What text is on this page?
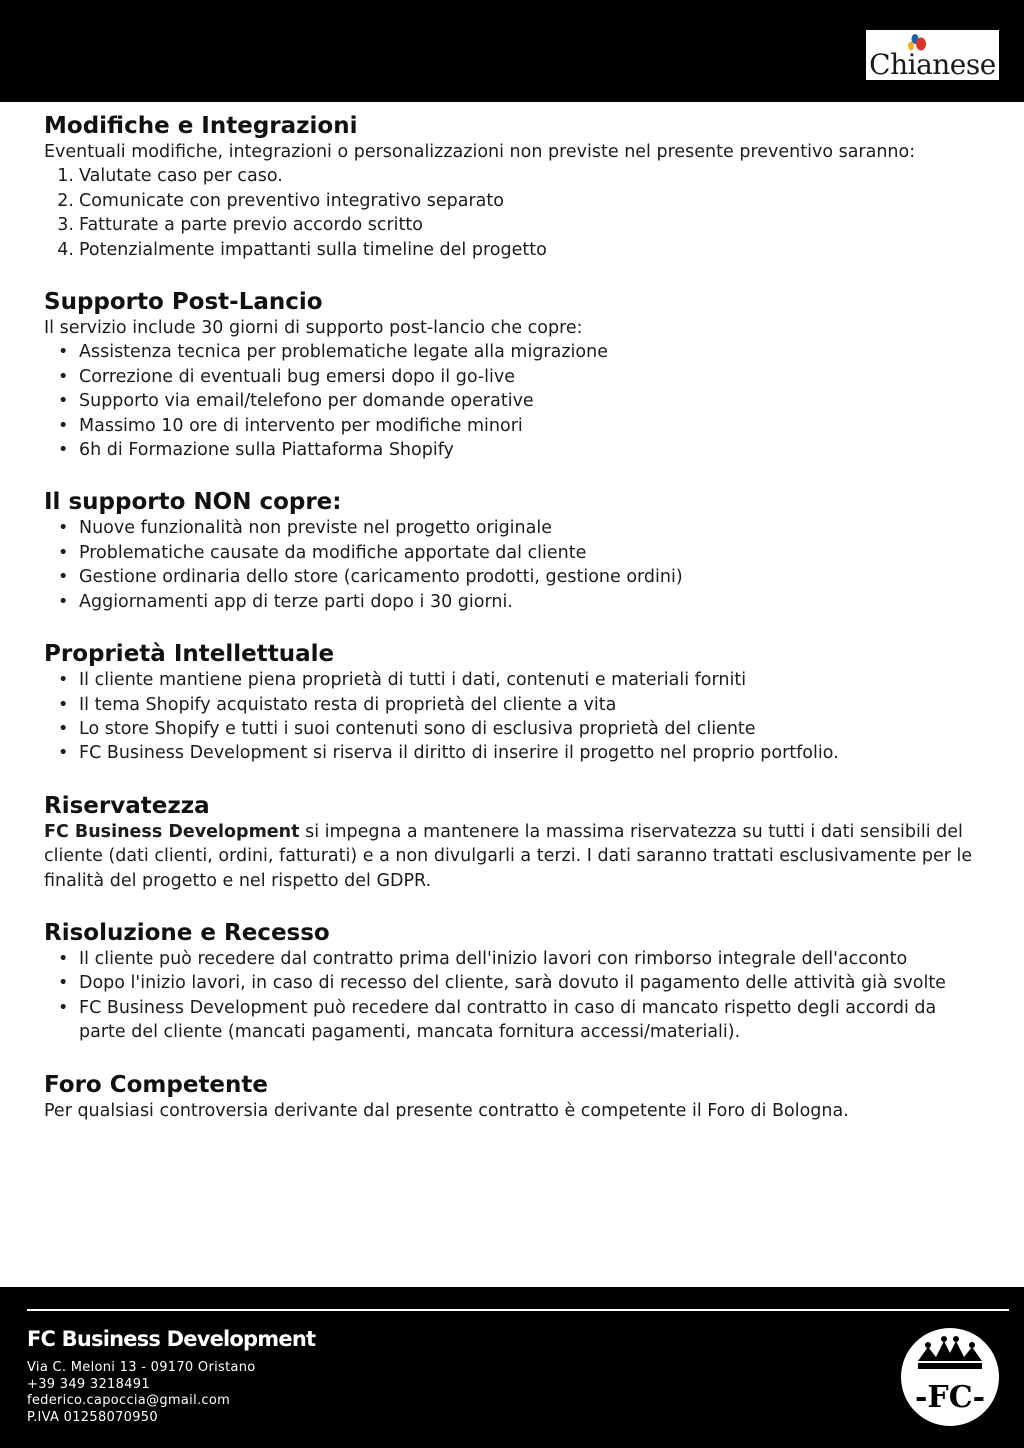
Chianese
Modifiche e Integrazioni

Eventuali modifiche, integrazioni o personalizzazioni non previste nel presente preventivo saranno:

1. Valutate caso per caso.
2. Comunicate con preventivo integrativo separato
3. Fatturate a parte previo accordo scritto
4. Potenzialmente impattanti sulla timeline del progetto
Supporto Post-Lancio

Il servizio include 30 giorni di supporto post-lancio che copre:

• Assistenza tecnica per problematiche legate alla migrazione
• Correzione di eventuali bug emersi dopo il go-live
• Supporto via email/telefono per domande operative
• Massimo 10 ore di intervento per modifiche minori
• 6h di Formazione sulla Piattaforma Shopify
Il supporto NON copre:
• Nuove funzionalità non previste nel progetto originale
• Problematiche causate da modifiche apportate dal cliente
• Gestione ordinaria dello store (caricamento prodotti, gestione ordini)
• Aggiornamenti app di terze parti dopo i 30 giorni.
Proprietà Intellettuale
• Il cliente mantiene piena proprietà di tutti i dati, contenuti e materiali forniti
• Il tema Shopify acquistato resta di proprietà del cliente a vita
• Lo store Shopify e tutti i suoi contenuti sono di esclusiva proprietà del cliente
• FC Business Development si riserva il diritto di inserire il progetto nel proprio portfolio.
Riservatezza

FC Business Development si impegna a mantenere la massima riservatezza su tutti i dati sensibili del cliente (dati clienti, ordini, fatturati) e a non divulgarli a terzi. I dati saranno trattati esclusivamente per le finalità del progetto e nel rispetto del GDPR.

Risoluzione e Recesso
• Il cliente può recedere dal contratto prima dell'inizio lavori con rimborso integrale dell'acconto
• Dopo l'inizio lavori, in caso di recesso del cliente, sarà dovuto il pagamento delle attività già svolte
• FC Business Development può recedere dal contratto in caso di mancato rispetto degli accordi da parte del cliente (mancati pagamenti, mancata fornitura accessi/materiali).
Foro Competente

Per qualsiasi controversia derivante dal presente contratto è competente il Foro di Bologna.

FC Business Development
Via C. Meloni 13 - 09170 Oristano
+39 349 3218491
federico.capoccia@gmail.com
P.IVA 01258070950
-FC-
